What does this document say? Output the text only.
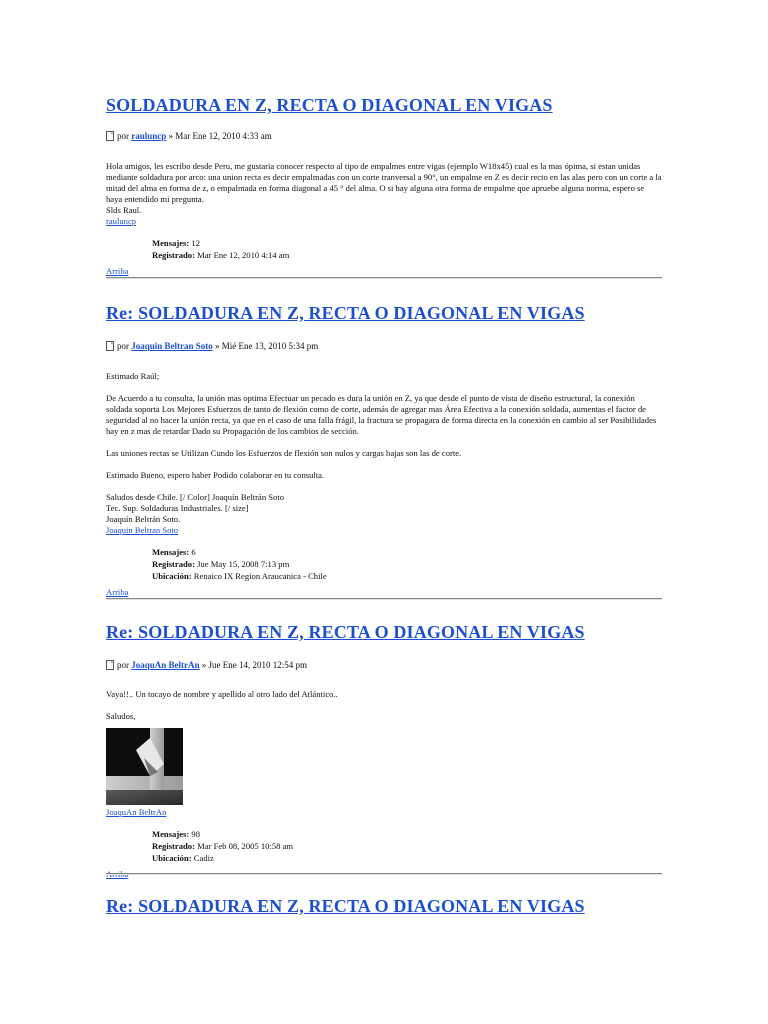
SOLDADURA EN Z, RECTA O DIAGONAL EN VIGAS
por
rauluncp
» Mar Ene 12, 2010 4:33 am
Hola amigos, les escribo desde Peru, me gustaria conocer respecto al tipo de empalmes entre vigas (ejemplo W18x45) cual es la mas ópima, si estan unidas mediante soldadura por arco: una union recta es decir empalmadas con un corte tranversal a 90°, un empalme en Z es decir recto en las alas pero con un corte a la mitad del alma en forma de z, o empalmada en forma diagonal a 45 ° del alma. O si hay alguna otra forma de empalme que apruebe alguna norma, espero se haya entendido mi pregunta.
Slds Raul.
rauluncp
Mensajes: 12
Registrado: Mar Ene 12, 2010 4:14 am
Arriba
Re: SOLDADURA EN Z, RECTA O DIAGONAL EN VIGAS
por
Joaquin Beltran Soto
» Mié Ene 13, 2010 5:34 pm

Estimado Raúl;

De Acuerdo a tu consulta, la unión mas optima Efectuar un pecado es dura la unión en Z, ya que desde el punto de vista de diseño estructural, la conexión soldada soporta Los Mejores Esfuerzos de tanto de flexión como de corte, además de agregar mas Área Efectiva a la conexión soldada, aumentas el factor de seguridad al no hacer la unión recta, ya que en el caso de una falla frágil, la fractura se propagara de forma directa en la conexión en cambio al ser Posibilidades hay en z mas de retardar Dado su Propagación de los cambios de sección.

Las uniones rectas se Utilizan Cundo los Esfuerzos de flexión son nulos y cargas bajas son las de corte.

Estimado Bueno, espero haber Podido colaborar en tu consulta.

Saludos desde Chile. [/ Color] Joaquín Beltrán Soto
Tec. Sup. Soldaduras Industriales. [/ size]
Joaquín Beltrán Soto.
Joaquin Beltran Soto
Mensajes: 6
Registrado: Jue May 15, 2008 7:13 pm
Ubicación: Renaico IX Region Araucanica - Chile
Arriba
Re: SOLDADURA EN Z, RECTA O DIAGONAL EN VIGAS
por
JoaquAn BeltrAn
» Jue Ene 14, 2010 12:54 pm

Vaya!!.. Un tocayo de nombre y apellido al otro lado del Atlántico..

Saludos,
JoaquAn BeltrAn
Mensajes: 98
Registrado: Mar Feb 08, 2005 10:58 am
Ubicación: Cadiz
Re: SOLDADURA EN Z, RECTA O DIAGONAL EN VIGAS
